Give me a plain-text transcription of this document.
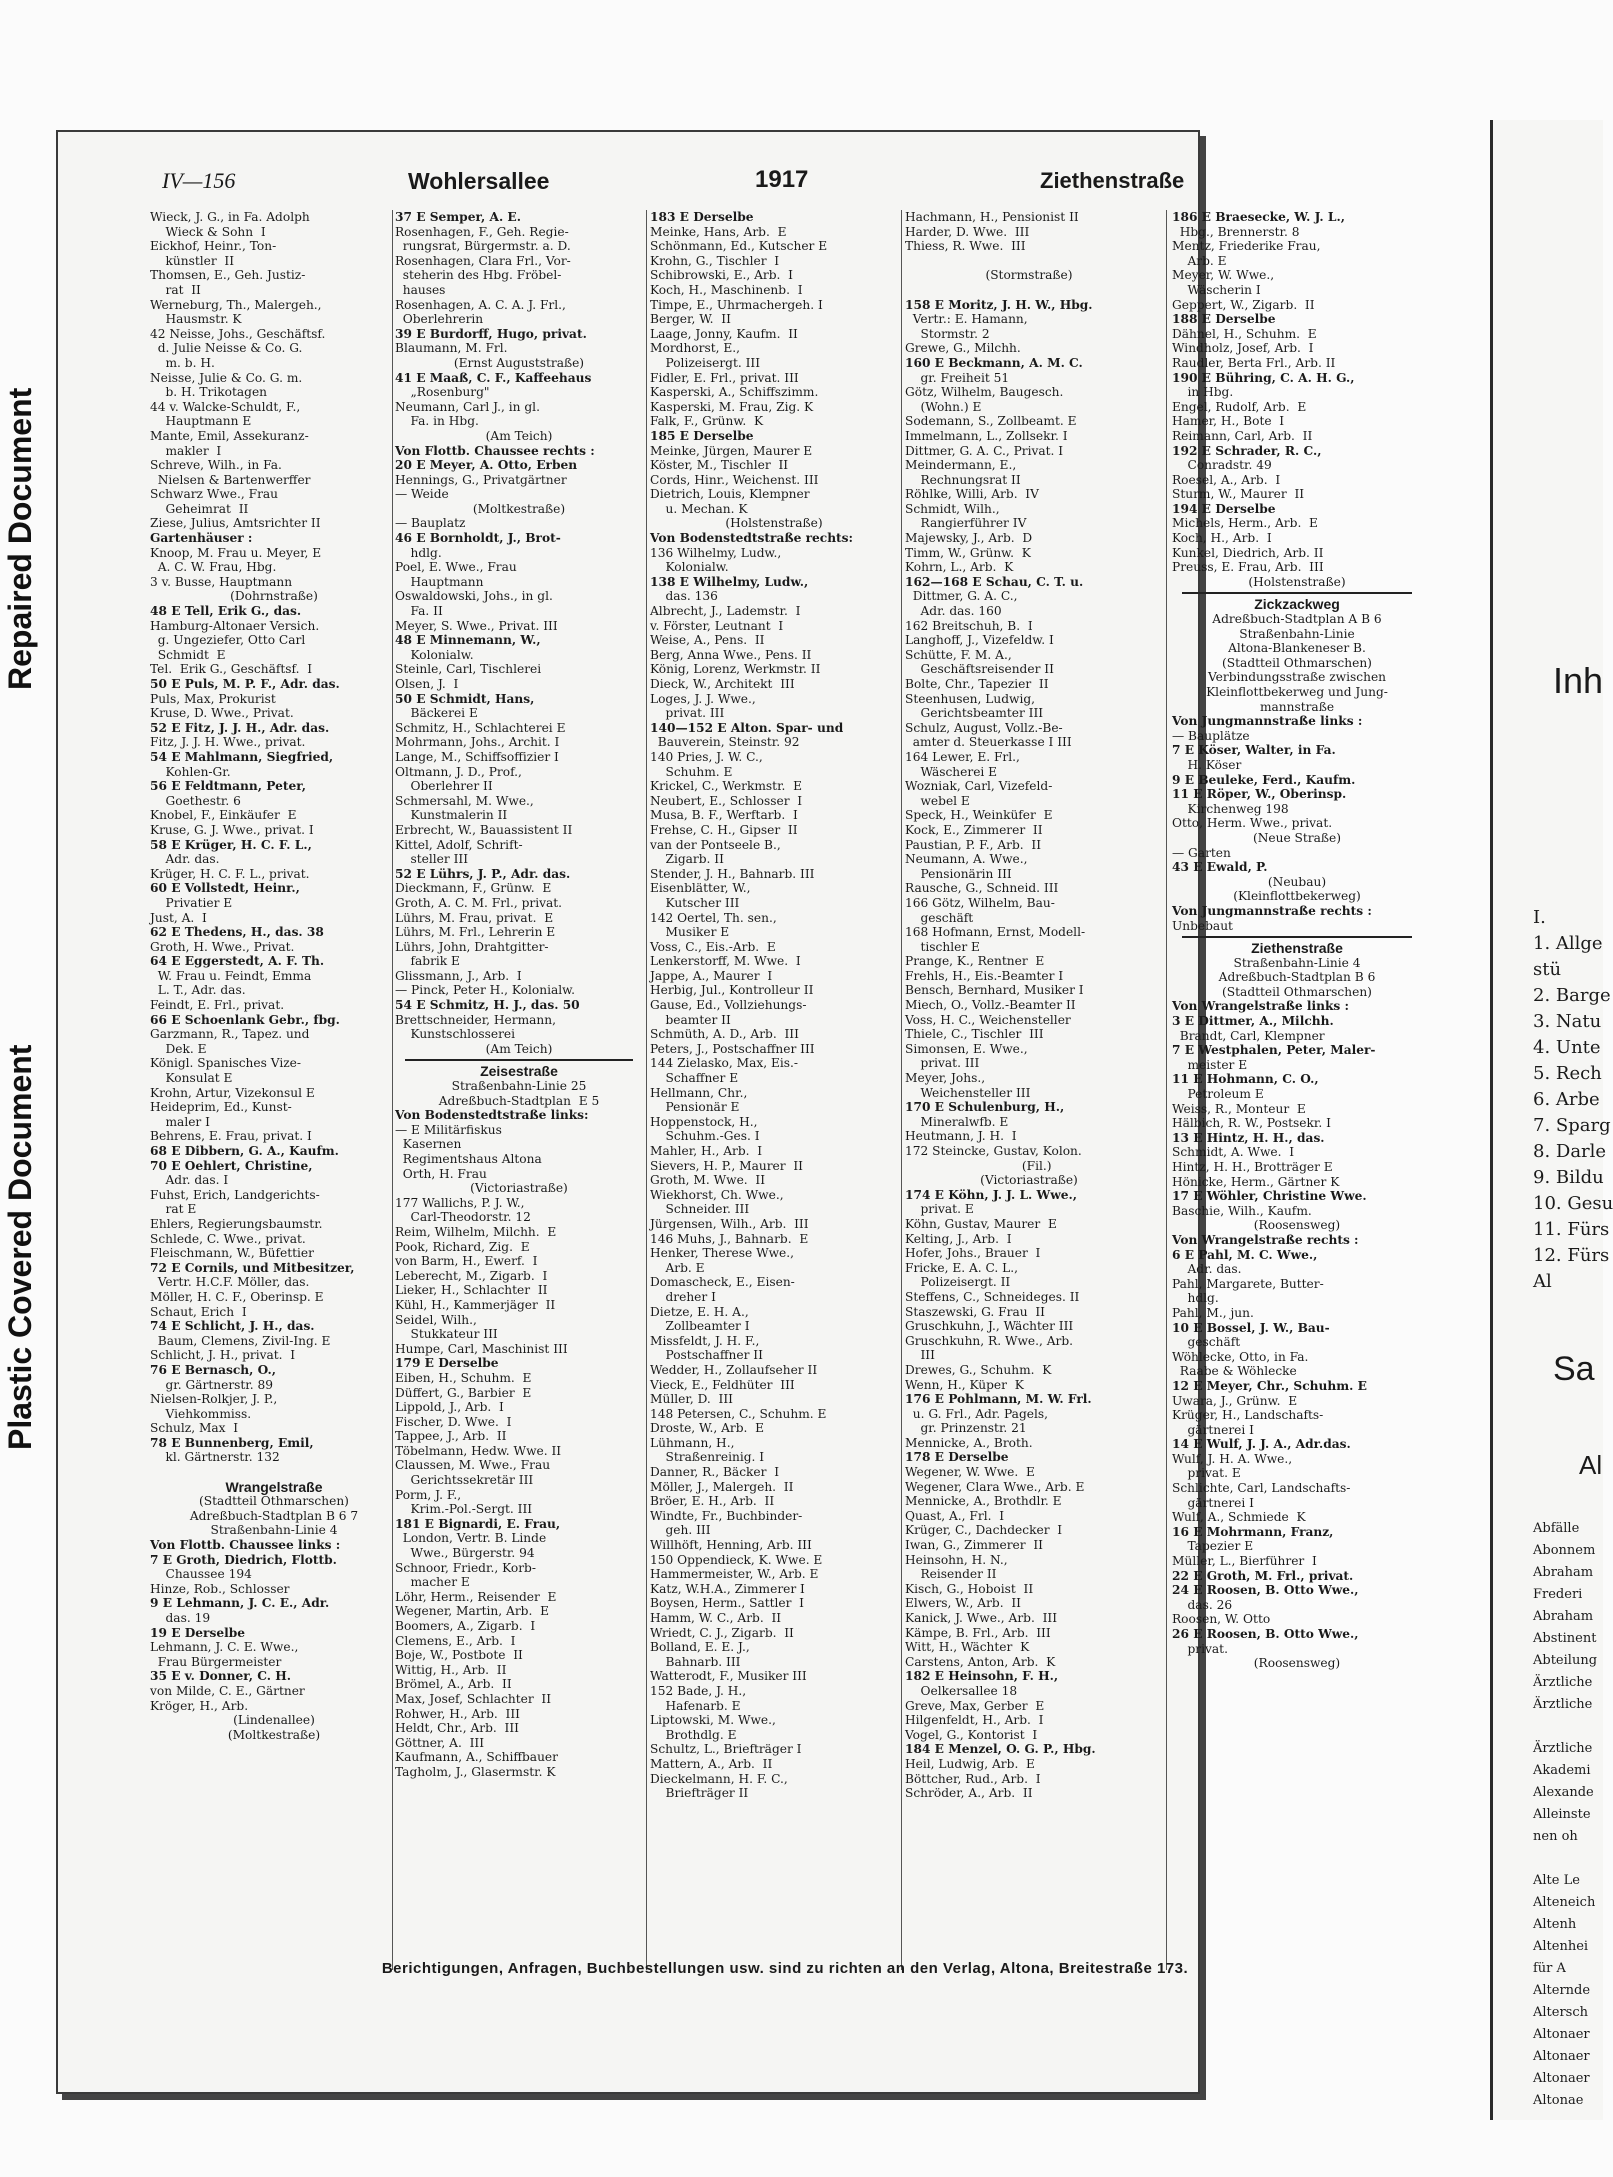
Repaired Document
Plastic Covered Document
Inh
I.
1. Allge
stü
2. Barge
3. Natu
4. Unte
5. Rech
6. Arbe
7. Sparg
8. Darle
9. Bildu
10. Gesu
11. Fürs
12. Fürs
Al
Sa
Al
Abfälle
Abonnem
Abraham
Frederi
Abraham
Abstinent
Abteilung
Ärztliche
Ärztliche

Ärztliche
Akademi
Alexande
Alleinste
nen oh

Alte Le
Alteneich
Altenh
Altenhei
für A
Alternde
Altersch
Altonaer
Altonaer
Altonaer
Altonae
IV—156	Wohlersallee	1917	Ziethenstraße
Wieck, J. G., in Fa. Adolph
Wieck & Sohn  I
Eickhof, Heinr., Ton-
künstler  II
Thomsen, E., Geh. Justiz-
rat  II
Werneburg, Th., Malergeh.,
Hausmstr. K
42 Neisse, Johs., Geschäftsf.
d. Julie Neisse & Co. G.
m. b. H.
Neisse, Julie & Co. G. m.
b. H. Trikotagen
44 v. Walcke-Schuldt, F.,
Hauptmann E
Mante, Emil, Assekuranz-
makler  I
Schreve, Wilh., in Fa.
Nielsen & Bartenwerffer
Schwarz Wwe., Frau
Geheimrat  II
Ziese, Julius, Amtsrichter II
Gartenhäuser :
Knoop, M. Frau u. Meyer, E
A. C. W. Frau, Hbg.
3 v. Busse, Hauptmann
(Dohrnstraße)
48 E Tell, Erik G., das.
Hamburg-Altonaer Versich.
g. Ungeziefer, Otto Carl
Schmidt  E
Tel.  Erik G., Geschäftsf.  I
50 E Puls, M. P. F., Adr. das.
Puls, Max, Prokurist
Kruse, D. Wwe., Privat.
52 E Fitz, J. J. H., Adr. das.
Fitz, J. J. H. Wwe., privat.
54 E Mahlmann, Siegfried,
Kohlen-Gr.
56 E Feldtmann, Peter,
Goethestr. 6
Knobel, F., Einkäufer  E
Kruse, G. J. Wwe., privat. I
58 E Krüger, H. C. F. L.,
Adr. das.
Krüger, H. C. F. L., privat.
60 E Vollstedt, Heinr.,
Privatier E
Just, A.  I
62 E Thedens, H., das. 38
Groth, H. Wwe., Privat.
64 E Eggerstedt, A. F. Th.
W. Frau u. Feindt, Emma
L. T., Adr. das.
Feindt, E. Frl., privat.
66 E Schoenlank Gebr., fbg.
Garzmann, R., Tapez. und
Dek. E
Königl. Spanisches Vize-
Konsulat E
Krohn, Artur, Vizekonsul E
Heideprim, Ed., Kunst-
maler I
Behrens, E. Frau, privat. I
68 E Dibbern, G. A., Kaufm.
70 E Oehlert, Christine,
Adr. das. I
Fuhst, Erich, Landgerichts-
rat E
Ehlers, Regierungsbaumstr.
Schlede, C. Wwe., privat.
Fleischmann, W., Büfettier
72 E Cornils, und Mitbesitzer,
Vertr. H.C.F. Möller, das.
Möller, H. C. F., Oberinsp. E
Schaut, Erich  I
74 E Schlicht, J. H., das.
Baum, Clemens, Zivil-Ing. E
Schlicht, J. H., privat.  I
76 E Bernasch, O.,
gr. Gärtnerstr. 89
Nielsen-Rolkjer, J. P.,
Viehkommiss.
Schulz, Max  I
78 E Bunnenberg, Emil,
kl. Gärtnerstr. 132
Wrangelstraße
(Stadtteil Othmarschen)
Adreßbuch-Stadtplan B 6 7
Straßenbahn-Linie 4
Von Flottb. Chaussee links :
7 E Groth, Diedrich, Flottb.
Chaussee 194
Hinze, Rob., Schlosser
9 E Lehmann, J. C. E., Adr.
das. 19
19 E Derselbe
Lehmann, J. C. E. Wwe.,
Frau Bürgermeister
35 E v. Donner, C. H.
von Milde, C. E., Gärtner
Kröger, H., Arb.
(Lindenallee)
(Moltkestraße)
37 E Semper, A. E.
Rosenhagen, F., Geh. Regie-
rungsrat, Bürgermstr. a. D.
Rosenhagen, Clara Frl., Vor-
steherin des Hbg. Fröbel-
hauses
Rosenhagen, A. C. A. J. Frl.,
Oberlehrerin
39 E Burdorff, Hugo, privat.
Blaumann, M. Frl.
(Ernst Auguststraße)
41 E Maaß, C. F., Kaffeehaus
„Rosenburg"
Neumann, Carl J., in gl.
Fa. in Hbg.
(Am Teich)
Von Flottb. Chaussee rechts :
20 E Meyer, A. Otto, Erben
Hennings, G., Privatgärtner
— Weide
(Moltkestraße)
— Bauplatz
46 E Bornholdt, J., Brot-
hdlg.
Poel, E. Wwe., Frau
Hauptmann
Oswaldowski, Johs., in gl.
Fa. II
Meyer, S. Wwe., Privat. III
48 E Minnemann, W.,
Kolonialw.
Steinle, Carl, Tischlerei
Olsen, J.  I
50 E Schmidt, Hans,
Bäckerei E
Schmitz, H., Schlachterei E
Mohrmann, Johs., Archit. I
Lange, M., Schiffsoffizier I
Oltmann, J. D., Prof.,
Oberlehrer II
Schmersahl, M. Wwe.,
Kunstmalerin II
Erbrecht, W., Bauassistent II
Kittel, Adolf, Schrift-
steller III
52 E Lührs, J. P., Adr. das.
Dieckmann, F., Grünw.  E
Groth, A. C. M. Frl., privat.
Lührs, M. Frau, privat.  E
Lührs, M. Frl., Lehrerin E
Lührs, John, Drahtgitter-
fabrik E
Glissmann, J., Arb.  I
— Pinck, Peter H., Kolonialw.
54 E Schmitz, H. J., das. 50
Brettschneider, Hermann,
Kunstschlosserei
(Am Teich)
Zeisestraße
Straßenbahn-Linie 25
Adreßbuch-Stadtplan  E 5
Von Bodenstedtstraße links:
— E Militärfiskus
Kasernen
Regimentshaus Altona
Orth, H. Frau
(Victoriastraße)
177 Wallichs, P. J. W.,
Carl-Theodorstr. 12
Reim, Wilhelm, Milchh.  E
Pook, Richard, Zig.  E
von Barm, H., Ewerf.  I
Leberecht, M., Zigarb.  I
Lieker, H., Schlachter  II
Kühl, H., Kammerjäger  II
Seidel, Wilh.,
Stukkateur III
Humpe, Carl, Maschinist III
179 E Derselbe
Eiben, H., Schuhm.  E
Düffert, G., Barbier  E
Lippold, J., Arb.  I
Fischer, D. Wwe.  I
Tappee, J., Arb.  II
Töbelmann, Hedw. Wwe. II
Claussen, M. Wwe., Frau
Gerichtssekretär III
Porm, J. F.,
Krim.-Pol.-Sergt. III
181 E Bignardi, E. Frau,
London, Vertr. B. Linde
Wwe., Bürgerstr. 94
Schnoor, Friedr., Korb-
macher E
Löhr, Herm., Reisender  E
Wegener, Martin, Arb.  E
Boomers, A., Zigarb.  I
Clemens, E., Arb.  I
Boje, W., Postbote  II
Wittig, H., Arb.  II
Brömel, A., Arb.  II
Max, Josef, Schlachter  II
Rohwer, H., Arb.  III
Heldt, Chr., Arb.  III
Göttner, A.  III
Kaufmann, A., Schiffbauer
Tagholm, J., Glasermstr. K
183 E Derselbe
Meinke, Hans, Arb.  E
Schönmann, Ed., Kutscher E
Krohn, G., Tischler  I
Schibrowski, E., Arb.  I
Koch, H., Maschinenb.  I
Timpe, E., Uhrmachergeh. I
Berger, W.  II
Laage, Jonny, Kaufm.  II
Mordhorst, E.,
Polizeisergt. III
Fidler, E. Frl., privat. III
Kasperski, A., Schiffszimm.
Kasperski, M. Frau, Zig. K
Falk, F., Grünw.  K
185 E Derselbe
Meinke, Jürgen, Maurer E
Köster, M., Tischler  II
Cords, Hinr., Weichenst. III
Dietrich, Louis, Klempner
u. Mechan. K
(Holstenstraße)
Von Bodenstedtstraße rechts:
136 Wilhelmy, Ludw.,
Kolonialw.
138 E Wilhelmy, Ludw.,
das. 136
Albrecht, J., Lademstr.  I
v. Förster, Leutnant  I
Weise, A., Pens.  II
Berg, Anna Wwe., Pens. II
König, Lorenz, Werkmstr. II
Dieck, W., Architekt  III
Loges, J. J. Wwe.,
privat. III
140—152 E Alton. Spar- und
Bauverein, Steinstr. 92
140 Pries, J. W. C.,
Schuhm. E
Krickel, C., Werkmstr.  E
Neubert, E., Schlosser  I
Musa, B. F., Werftarb.  I
Frehse, C. H., Gipser  II
van der Pontseele B.,
Zigarb. II
Stender, J. H., Bahnarb. III
Eisenblätter, W.,
Kutscher III
142 Oertel, Th. sen.,
Musiker E
Voss, C., Eis.-Arb.  E
Lenkerstorff, M. Wwe.  I
Jappe, A., Maurer  I
Herbig, Jul., Kontrolleur II
Gause, Ed., Vollziehungs-
beamter II
Schmüth, A. D., Arb.  III
Peters, J., Postschaffner III
144 Zielasko, Max, Eis.-
Schaffner E
Hellmann, Chr.,
Pensionär E
Hoppenstock, H.,
Schuhm.-Ges. I
Mahler, H., Arb.  I
Sievers, H. P., Maurer  II
Groth, M. Wwe.  II
Wiekhorst, Ch. Wwe.,
Schneider. III
Jürgensen, Wilh., Arb.  III
146 Muhs, J., Bahnarb.  E
Henker, Therese Wwe.,
Arb. E
Domascheck, E., Eisen-
dreher I
Dietze, E. H. A.,
Zollbeamter I
Missfeldt, J. H. F.,
Postschaffner II
Wedder, H., Zollaufseher II
Vieck, E., Feldhüter  III
Müller, D.  III
148 Petersen, C., Schuhm. E
Droste, W., Arb.  E
Lühmann, H.,
Straßenreinig. I
Danner, R., Bäcker  I
Möller, J., Malergeh.  II
Bröer, E. H., Arb.  II
Windte, Fr., Buchbinder-
geh. III
Willhöft, Henning, Arb. III
150 Oppendieck, K. Wwe. E
Hammermeister, W., Arb. E
Katz, W.H.A., Zimmerer I
Boysen, Herm., Sattler  I
Hamm, W. C., Arb.  II
Wriedt, C. J., Zigarb.  II
Bolland, E. E. J.,
Bahnarb. III
Watterodt, F., Musiker III
152 Bade, J. H.,
Hafenarb. E
Liptowski, M. Wwe.,
Brothdlg. E
Schultz, L., Briefträger I
Mattern, A., Arb.  II
Dieckelmann, H. F. C.,
Briefträger II
Hachmann, H., Pensionist II
Harder, D. Wwe.  III
Thiess, R. Wwe.  III
(Stormstraße)
158 E Moritz, J. H. W., Hbg.
Vertr.: E. Hamann,
Stormstr. 2
Grewe, G., Milchh.
160 E Beckmann, A. M. C.
gr. Freiheit 51
Götz, Wilhelm, Baugesch.
(Wohn.) E
Sodemann, S., Zollbeamt. E
Immelmann, L., Zollsekr. I
Dittmer, G. A. C., Privat. I
Meindermann, E.,
Rechnungsrat II
Röhlke, Willi, Arb.  IV
Schmidt, Wilh.,
Rangierführer IV
Majewsky, J., Arb.  D
Timm, W., Grünw.  K
Kohrn, L., Arb.  K
162—168 E Schau, C. T. u.
Dittmer, G. A. C.,
Adr. das. 160
162 Breitschuh, B.  I
Langhoff, J., Vizefeldw. I
Schütte, F. M. A.,
Geschäftsreisender II
Bolte, Chr., Tapezier  II
Steenhusen, Ludwig,
Gerichtsbeamter III
Schulz, August, Vollz.-Be-
amter d. Steuerkasse I III
164 Lewer, E. Frl.,
Wäscherei E
Wozniak, Carl, Vizefeld-
webel E
Speck, H., Weinküfer  E
Kock, E., Zimmerer  II
Paustian, P. F., Arb.  II
Neumann, A. Wwe.,
Pensionärin III
Rausche, G., Schneid. III
166 Götz, Wilhelm, Bau-
geschäft
168 Hofmann, Ernst, Modell-
tischler E
Prange, K., Rentner  E
Frehls, H., Eis.-Beamter I
Bensch, Bernhard, Musiker I
Miech, O., Vollz.-Beamter II
Voss, H. C., Weichensteller
Thiele, C., Tischler  III
Simonsen, E. Wwe.,
privat. III
Meyer, Johs.,
Weichensteller III
170 E Schulenburg, H.,
Mineralwfb. E
Heutmann, J. H.  I
172 Steincke, Gustav, Kolon.
(Fil.)
(Victoriastraße)
174 E Köhn, J. J. L. Wwe.,
privat. E
Köhn, Gustav, Maurer  E
Kelting, J., Arb.  I
Hofer, Johs., Brauer  I
Fricke, E. A. C. L.,
Polizeisergt. II
Steffens, C., Schneideges. II
Staszewski, G. Frau  II
Gruschkuhn, J., Wächter III
Gruschkuhn, R. Wwe., Arb.
III
Drewes, G., Schuhm.  K
Wenn, H., Küper  K
176 E Pohlmann, M. W. Frl.
u. G. Frl., Adr. Pagels,
gr. Prinzenstr. 21
Mennicke, A., Broth.
178 E Derselbe
Wegener, W. Wwe.  E
Wegener, Clara Wwe., Arb. E
Mennicke, A., Brothdlr. E
Quast, A., Frl.  I
Krüger, C., Dachdecker  I
Iwan, G., Zimmerer  II
Heinsohn, H. N.,
Reisender II
Kisch, G., Hoboist  II
Elwers, W., Arb.  II
Kanick, J. Wwe., Arb.  III
Kämpe, B. Frl., Arb.  III
Witt, H., Wächter  K
Carstens, Anton, Arb.  K
182 E Heinsohn, F. H.,
Oelkersallee 18
Greve, Max, Gerber  E
Hilgenfeldt, H., Arb.  I
Vogel, G., Kontorist  I
184 E Menzel, O. G. P., Hbg.
Heil, Ludwig, Arb.  E
Böttcher, Rud., Arb.  I
Schröder, A., Arb.  II
186 E Braesecke, W. J. L.,
Hbg., Brennerstr. 8
Mentz, Friederike Frau,
Arb. E
Meyer, W. Wwe.,
Wäscherin I
Geppert, W., Zigarb.  II
188 E Derselbe
Dähnel, H., Schuhm.  E
Windholz, Josef, Arb.  I
Raudler, Berta Frl., Arb. II
190 E Bühring, C. A. H. G.,
in Hbg.
Engel, Rudolf, Arb.  E
Hamer, H., Bote  I
Reimann, Carl, Arb.  II
192 E Schrader, R. C.,
Conradstr. 49
Roesel, A., Arb.  I
Sturm, W., Maurer  II
194 E Derselbe
Michels, Herm., Arb.  E
Koch, H., Arb.  I
Kunkel, Diedrich, Arb. II
Preuss, E. Frau, Arb.  III
(Holstenstraße)
Zickzackweg
Adreßbuch-Stadtplan A B 6
Straßenbahn-Linie
Altona-Blankeneser B.
(Stadtteil Othmarschen)
Verbindungsstraße zwischen
Kleinflottbekerweg und Jung-
mannstraße
Von Jungmannstraße links :
— Bauplätze
7 E Köser, Walter, in Fa.
H. Köser
9 E Beuleke, Ferd., Kaufm.
11 E Röper, W., Oberinsp.
Kirchenweg 198
Otto, Herm. Wwe., privat.
(Neue Straße)
— Garten
43 E Ewald, P.
(Neubau)
(Kleinflottbekerweg)
Von Jungmannstraße rechts :
Unbebaut
Ziethenstraße
Straßenbahn-Linie 4
Adreßbuch-Stadtplan B 6
(Stadtteil Othmarschen)
Von Wrangelstraße links :
3 E Dittmer, A., Milchh.
Brandt, Carl, Klempner
7 E Westphalen, Peter, Maler-
meister E
11 E Hohmann, C. O.,
Petroleum E
Weiss, R., Monteur  E
Hälbich, R. W., Postsekr. I
13 E Hintz, H. H., das.
Schmidt, A. Wwe.  I
Hintz, H. H., Brotträger E
Hönicke, Herm., Gärtner K
17 E Wöhler, Christine Wwe.
Baschie, Wilh., Kaufm.
(Roosensweg)
Von Wrangelstraße rechts :
6 E Pahl, M. C. Wwe.,
Adr. das.
Pahl, Margarete, Butter-
hdlg.
Pahl, M., jun.
10 E Bossel, J. W., Bau-
geschäft
Wöhlecke, Otto, in Fa.
Raabe & Wöhlecke
12 E Meyer, Chr., Schuhm. E
Uwara, J., Grünw.  E
Krüger, H., Landschafts-
gärtnerei I
14 E Wulf, J. J. A., Adr.das.
Wulf, J. H. A. Wwe.,
privat. E
Schlichte, Carl, Landschafts-
gärtnerei I
Wulf, A., Schmiede  K
16 E Mohrmann, Franz,
Tapezier E
Müller, L., Bierführer  I
22 E Groth, M. Frl., privat.
24 E Roosen, B. Otto Wwe.,
das. 26
Roosen, W. Otto
26 E Roosen, B. Otto Wwe.,
privat.
(Roosensweg)
Berichtigungen, Anfragen, Buchbestellungen usw. sind zu richten an den Verlag, Altona, Breitestraße 173.
